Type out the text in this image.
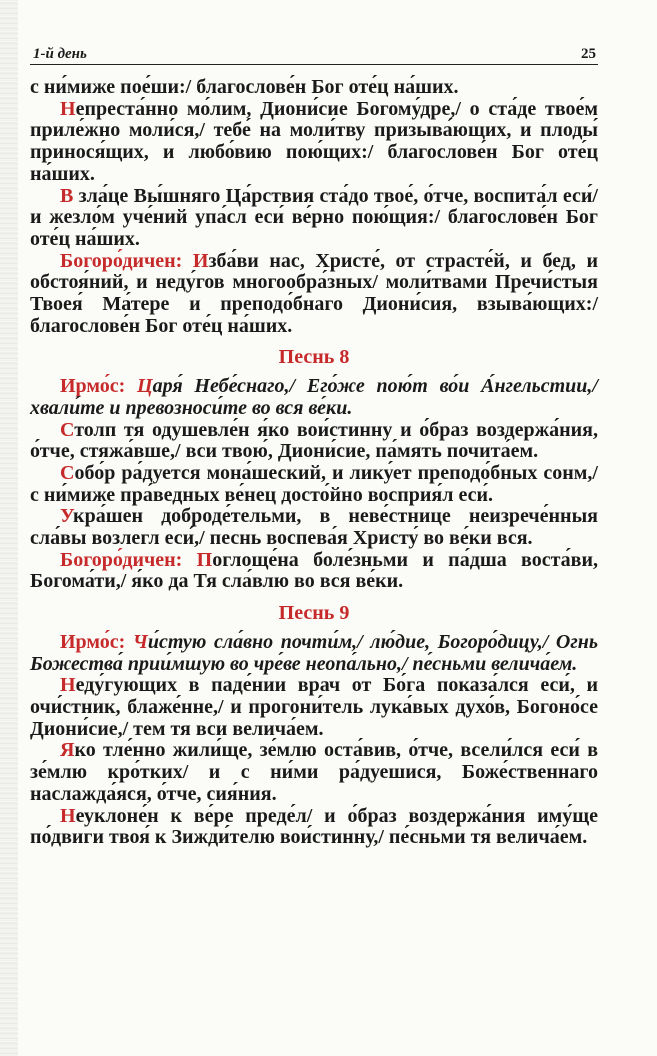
1-й день	25

с ни́миже пое́ши:/ благослове́н Бог оте́ц на́ших.

Непреста́нно мо́лим, Диони́сие Богому́дре,/ о ста́де твое́м приле́жно моли́ся,/ тебе́ на моли́тву призыва́ющих, и плоды́ принося́щих, и любо́вию пою́щих:/ благослове́н Бог оте́ц на́ших.

В зла́це Вы́шняго Ца́рствия ста́до твое́, о́тче, воспита́л еси́/ и жезло́м уче́ний упа́сл еси́ ве́рно пою́щия:/ благослове́н Бог оте́ц на́ших.

Богоро́дичен: Изба́ви нас, Христе́, от страсте́й, и бед, и обстоя́ний, и неду́гов многообра́зных/ моли́твами Пречи́стыя Твоея́ Ма́тере и преподо́бнаго Диони́сия, взыва́ющих:/ благослове́н Бог оте́ц на́ших.

Песнь 8

Ирмо́с: Царя́ Небе́снаго,/ Его́же пою́т во́и А́нгельстии,/ хвали́те и превозноси́те во вся ве́ки.

Столп тя одушевле́н я́ко вои́стинну и о́браз воздержа́ния, о́тче, стяжа́вше,/ вси твою́, Диони́сие, па́мять почита́ем.

Собо́р ра́дуется мона́шеский, и лику́ет преподо́бных сонм,/ с ни́миже пра́ведных ве́нец досто́йно восприя́л еси́.

Укра́шен доброде́тельми, в неве́стнице неизрече́нныя сла́вы возлегл еси́,/ песнь воспева́я Христу́ во ве́ки вся.

Богоро́дичен: Поглоще́на боле́зньми и па́дша воста́ви, Богома́ти,/ я́ко да Тя сла́влю во вся ве́ки.

Песнь 9

Ирмо́с: Чи́стую сла́вно почти́м,/ лю́дие, Богоро́дицу,/ Огнь Божества́ прии́мшую во чре́ве неопа́льно,/ пе́сньми велича́ем.

Неду́гующих в паде́нии врач от Бо́га показа́лся еси́, и очи́стник, блаже́нне,/ и прогони́тель лука́вых духо́в, Богоно́се Диони́сие,/ тем тя вси велича́ем.

Яко тле́нно жили́ще, зе́млю оста́вив, о́тче, всели́лся еси́ в зе́млю кро́тких/ и с ни́ми ра́дуешися, Боже́ственнаго наслажда́яся, о́тче, сия́ния.

Неуклоне́н к ве́ре преде́л/ и о́браз воздержа́ния иму́ще по́двиги твоя́ к Зижди́телю вои́стинну,/ пе́сньми тя велича́ем.
